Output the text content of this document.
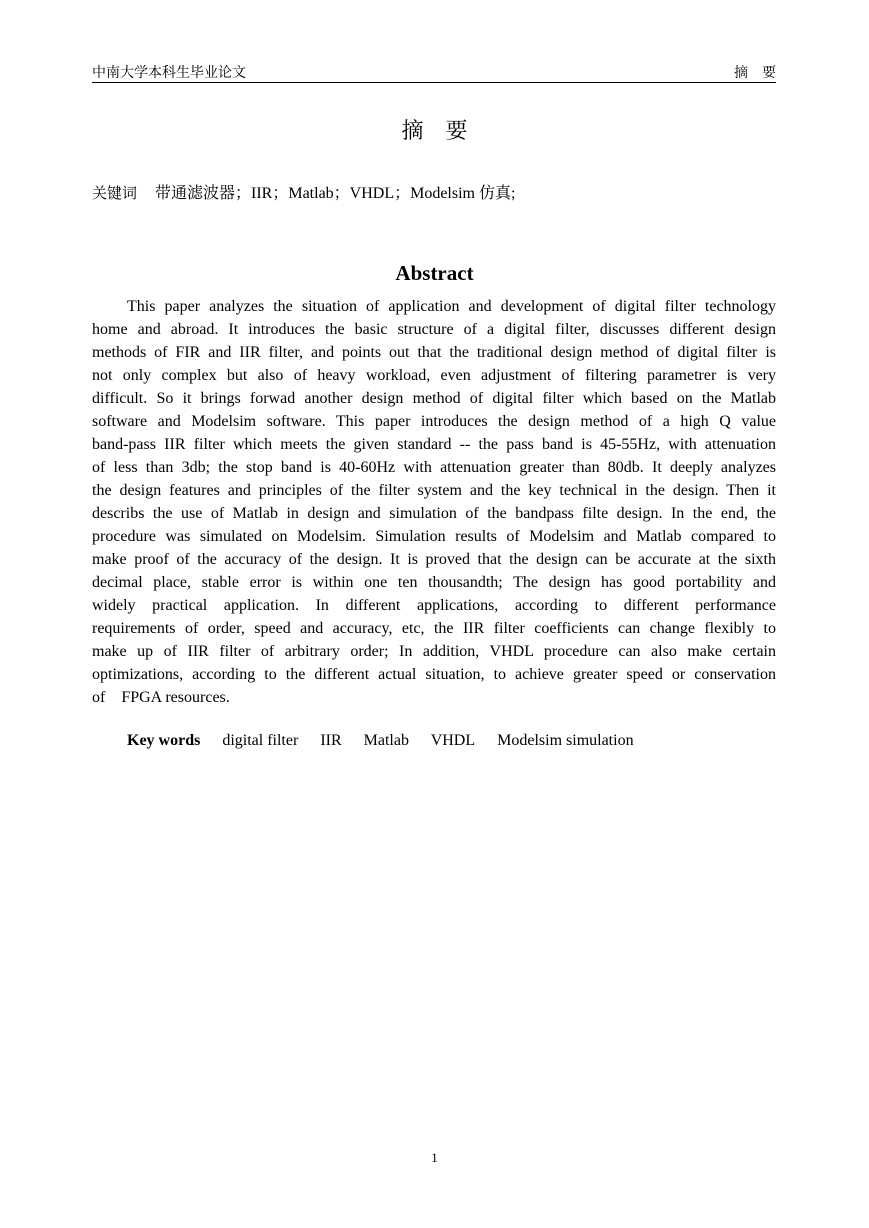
中南大学本科生毕业论文	摘　要
摘　要
关键词 带通滤波器；IIR；Matlab；VHDL；Modelsim 仿真;
Abstract
This paper analyzes the situation of application and development of digital filter technology
home and abroad. It introduces the basic structure of a digital filter, discusses different design
methods of FIR and IIR filter, and points out that the traditional design method of digital filter is
not only complex but also of heavy workload, even adjustment of filtering parametrer is very
difficult. So it brings forwad another design method of digital filter which based on the Matlab
software and Modelsim software. This paper introduces the design method of a high Q value
band-pass IIR filter which meets the given standard -- the pass band is 45-55Hz, with attenuation
of less than 3db; the stop band is 40-60Hz with attenuation greater than 80db. It deeply analyzes
the design features and principles of the filter system and the key technical in the design. Then it
describs the use of Matlab in design and simulation of the bandpass filte design. In the end, the
procedure was simulated on Modelsim. Simulation results of Modelsim and Matlab compared to
make proof of the accuracy of the design. It is proved that the design can be accurate at the sixth
decimal place, stable error is within one ten thousandth; The design has good portability and
widely practical application. In different applications, according to different performance
requirements of order, speed and accuracy, etc, the IIR filter coefficients can change flexibly to
make up of IIR filter of arbitrary order; In addition, VHDL procedure can also make certain
optimizations, according to the different actual situation, to achieve greater speed or conservation
of　FPGA resources.
Key words digital filter IIR Matlab VHDL Modelsim simulation
1
